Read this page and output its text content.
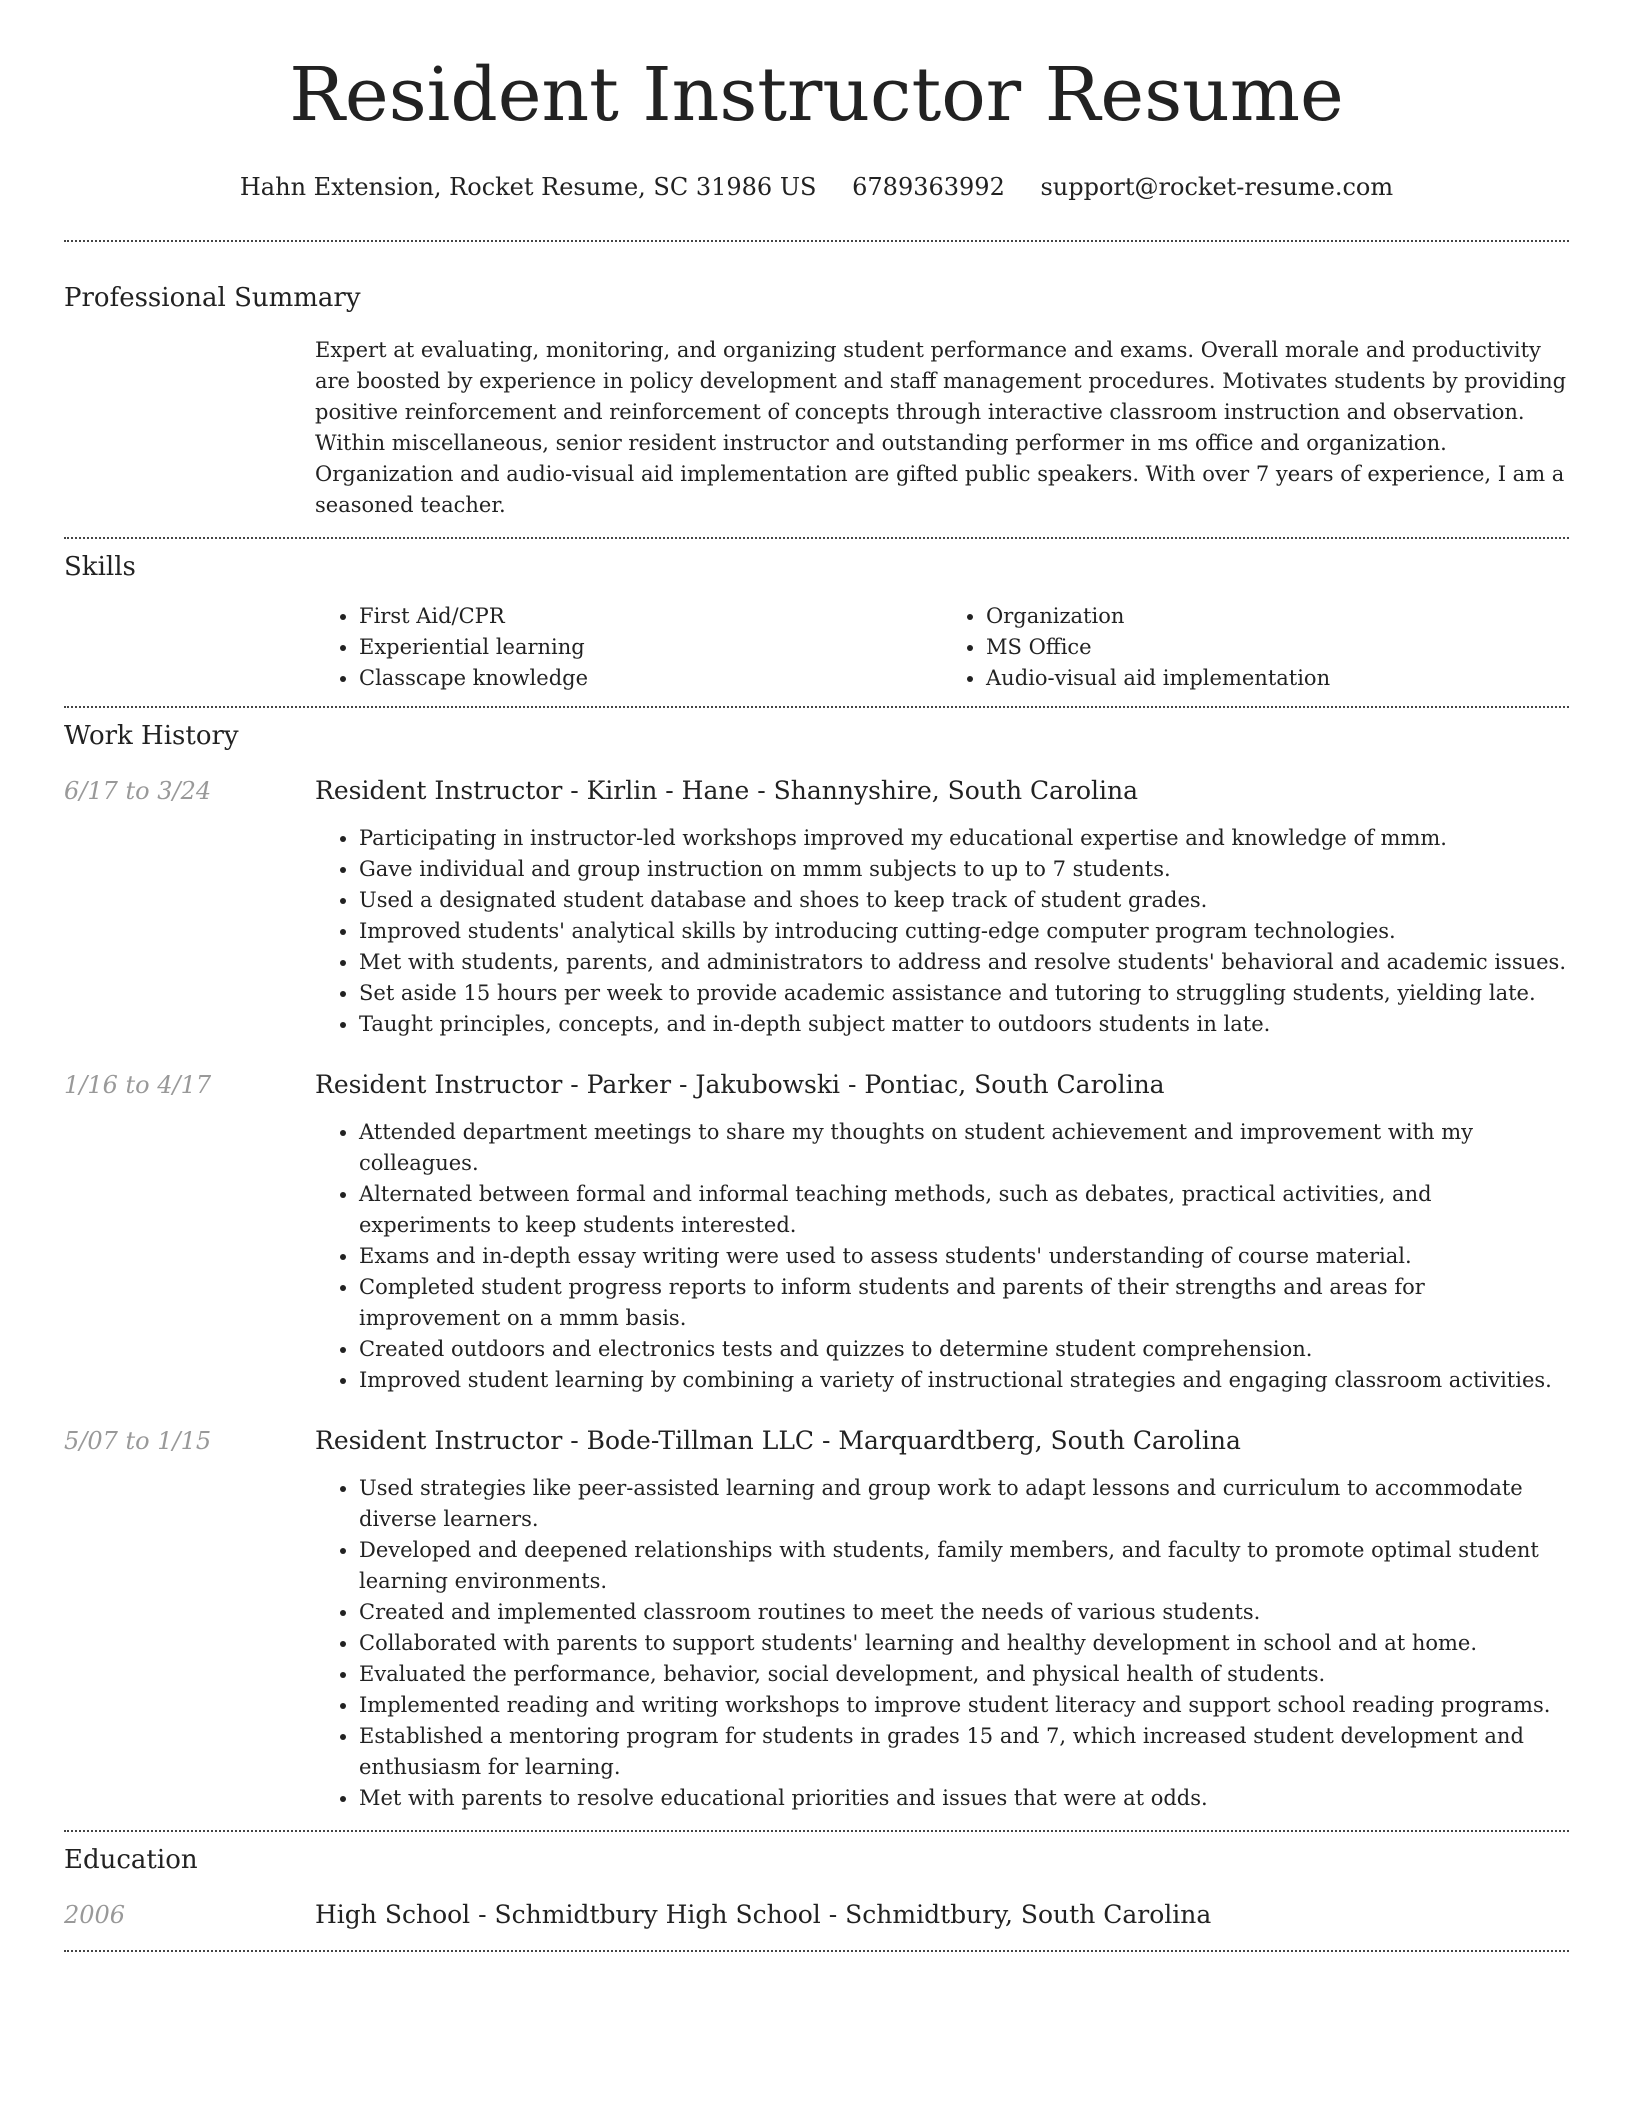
Resident Instructor Resume
Hahn Extension, Rocket Resume, SC 31986 US 6789363992 support@rocket-resume.com
Professional Summary
Expert at evaluating, monitoring, and organizing student performance and exams. Overall morale and productivity are boosted by experience in policy development and staff management procedures. Motivates students by providing positive reinforcement and reinforcement of concepts through interactive classroom instruction and observation. Within miscellaneous, senior resident instructor and outstanding performer in ms office and organization. Organization and audio-visual aid implementation are gifted public speakers. With over 7 years of experience, I am a seasoned teacher.
Skills
• First Aid/CPR
• Experiential learning
• Classcape knowledge
• Organization
• MS Office
• Audio-visual aid implementation
Work History
6/17 to 3/24	Resident Instructor - Kirlin - Hane - Shannyshire, South Carolina
• Participating in instructor-led workshops improved my educational expertise and knowledge of mmm.
• Gave individual and group instruction on mmm subjects to up to 7 students.
• Used a designated student database and shoes to keep track of student grades.
• Improved students' analytical skills by introducing cutting-edge computer program technologies.
• Met with students, parents, and administrators to address and resolve students' behavioral and academic issues.
• Set aside 15 hours per week to provide academic assistance and tutoring to struggling students, yielding late.
• Taught principles, concepts, and in-depth subject matter to outdoors students in late.
1/16 to 4/17	Resident Instructor - Parker - Jakubowski - Pontiac, South Carolina
• Attended department meetings to share my thoughts on student achievement and improvement with my colleagues.
• Alternated between formal and informal teaching methods, such as debates, practical activities, and experiments to keep students interested.
• Exams and in-depth essay writing were used to assess students' understanding of course material.
• Completed student progress reports to inform students and parents of their strengths and areas for improvement on a mmm basis.
• Created outdoors and electronics tests and quizzes to determine student comprehension.
• Improved student learning by combining a variety of instructional strategies and engaging classroom activities.
5/07 to 1/15	Resident Instructor - Bode-Tillman LLC - Marquardtberg, South Carolina
• Used strategies like peer-assisted learning and group work to adapt lessons and curriculum to accommodate diverse learners.
• Developed and deepened relationships with students, family members, and faculty to promote optimal student learning environments.
• Created and implemented classroom routines to meet the needs of various students.
• Collaborated with parents to support students' learning and healthy development in school and at home.
• Evaluated the performance, behavior, social development, and physical health of students.
• Implemented reading and writing workshops to improve student literacy and support school reading programs.
• Established a mentoring program for students in grades 15 and 7, which increased student development and enthusiasm for learning.
• Met with parents to resolve educational priorities and issues that were at odds.
Education
2006	High School - Schmidtbury High School - Schmidtbury, South Carolina
